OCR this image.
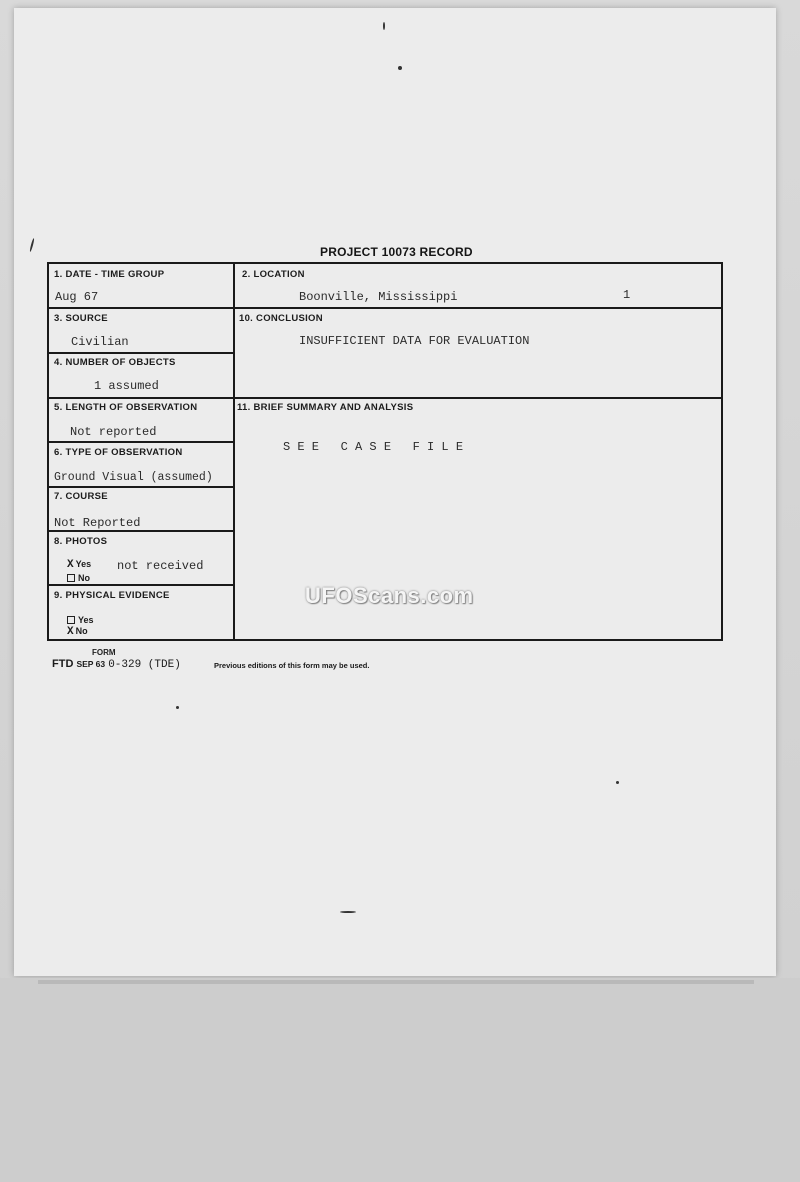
PROJECT 10073 RECORD
1. DATE - TIME GROUP
Aug 67
2. LOCATION
Boonville, Mississippi
3. SOURCE
Civilian
10. CONCLUSION
INSUFFICIENT DATA FOR EVALUATION
4. NUMBER OF OBJECTS
1 assumed
5. LENGTH OF OBSERVATION
Not reported
11. BRIEF SUMMARY AND ANALYSIS
S E E   C A S E   F I L E
6. TYPE OF OBSERVATION
Ground Visual (assumed)
7. COURSE
Not Reported
8. PHOTOS
X Yes not received
No
9. PHYSICAL EVIDENCE
Yes
X No
1
FORM
FTD SEP 63 0-329 (TDE)	Previous editions of this form may be used.
UFOScans.com
